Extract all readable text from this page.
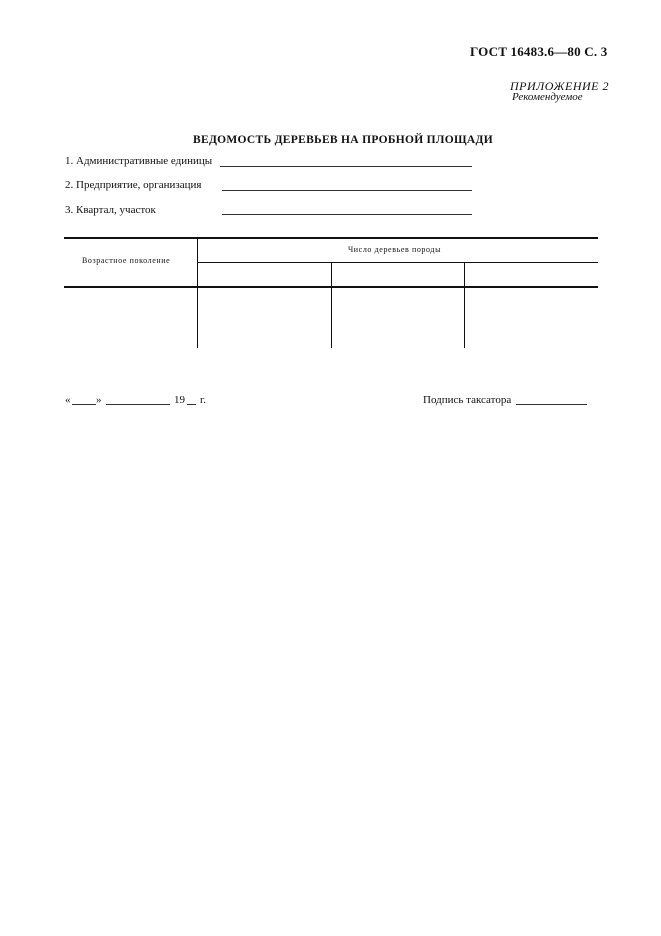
ГОСТ 16483.6—80 С. 3
ПРИЛОЖЕНИЕ 2
Рекомендуемое
ВЕДОМОСТЬ ДЕРЕВЬЕВ НА ПРОБНОЙ ПЛОЩАДИ
1. Административные единицы
2. Предприятие, организация
3. Квартал, участок
Возрастное поколение
Число деревьев породы
« »	19 г.	Подпись таксатора
